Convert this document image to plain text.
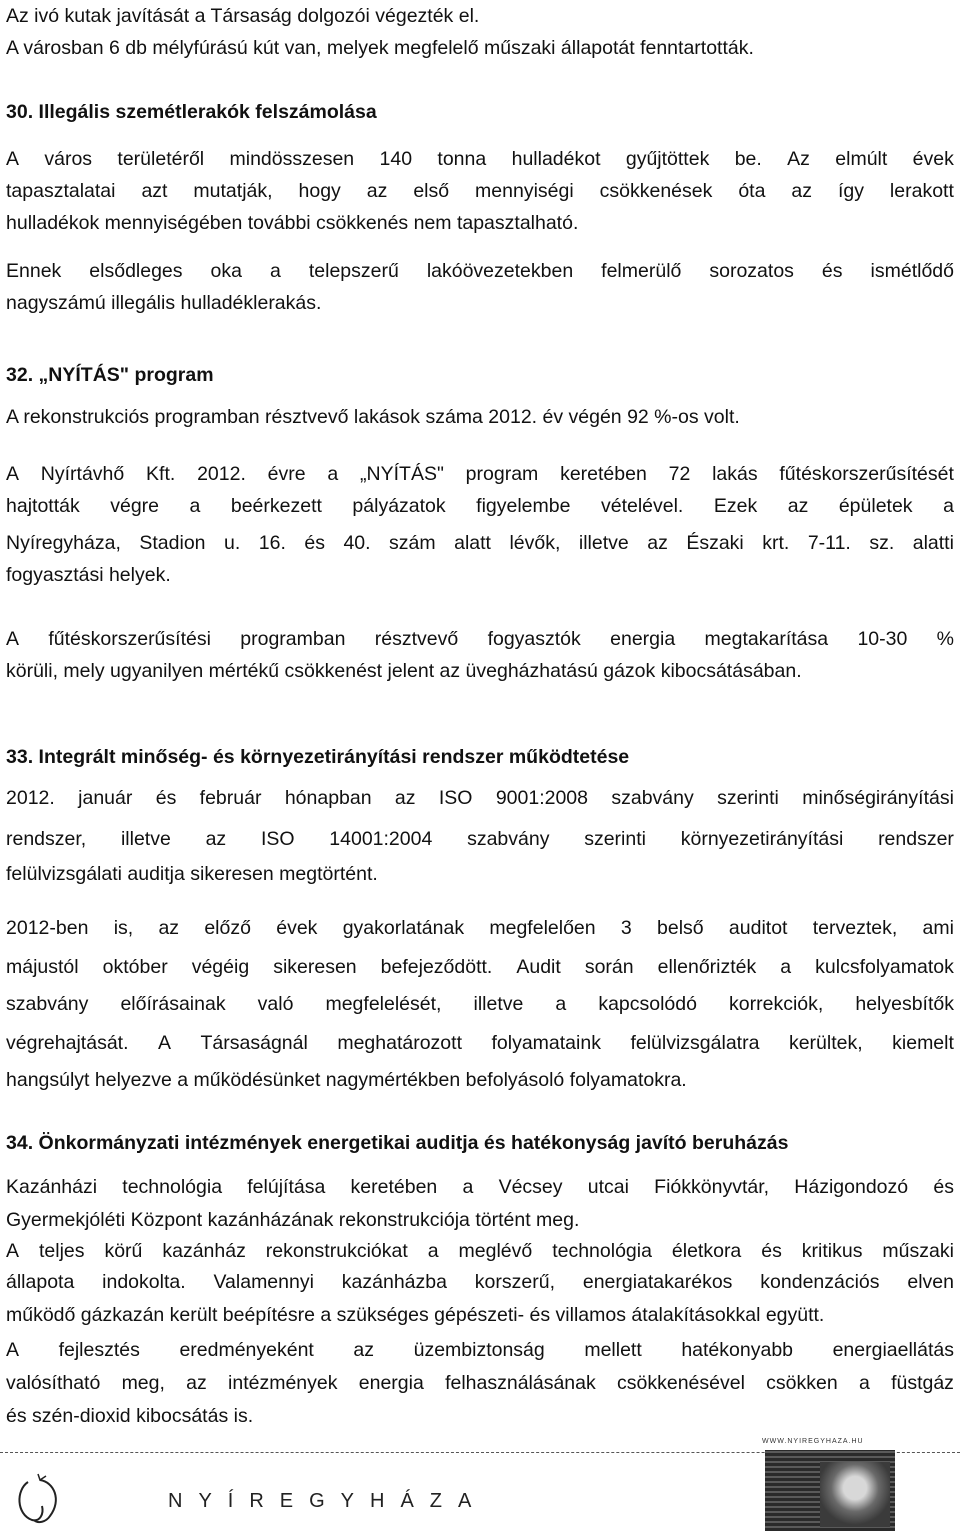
Az ivó kutak javítását a Társaság dolgozói végezték el.
A városban 6 db mélyfúrású kút van, melyek megfelelő műszaki állapotát fenntartották.
30. Illegális szemétlerakók felszámolása
A város területéről mindösszesen 140 tonna hulladékot gyűjtöttek be. Az elmúlt évek
tapasztalatai azt mutatják, hogy az első mennyiségi csökkenések óta az így lerakott
hulladékok mennyiségében további csökkenés nem tapasztalható.
Ennek elsődleges oka a telepszerű lakóövezetekben felmerülő sorozatos és ismétlődő
nagyszámú illegális hulladéklerakás.
32. „NYÍTÁS" program
A rekonstrukciós programban résztvevő lakások száma 2012. év végén 92 %-os volt.
A Nyírtávhő Kft. 2012. évre a „NYÍTÁS" program keretében 72 lakás fűtéskorszerűsítését
hajtották végre a beérkezett pályázatok figyelembe vételével. Ezek az épületek a
Nyíregyháza, Stadion u. 16. és 40. szám alatt lévők, illetve az Északi krt. 7-11. sz. alatti
fogyasztási helyek.
A fűtéskorszerűsítési programban résztvevő fogyasztók energia megtakarítása 10-30 %
körüli, mely ugyanilyen mértékű csökkenést jelent az üvegházhatású gázok kibocsátásában.
33. Integrált minőség- és környezetirányítási rendszer működtetése
2012. január és február hónapban az ISO 9001:2008 szabvány szerinti minőségirányítási
rendszer, illetve az ISO 14001:2004 szabvány szerinti környezetirányítási rendszer
felülvizsgálati auditja sikeresen megtörtént.
2012-ben is, az előző évek gyakorlatának megfelelően 3 belső auditot terveztek, ami
májustól október végéig sikeresen befejeződött. Audit során ellenőrizték a kulcsfolyamatok
szabvány előírásainak való megfelelését, illetve a kapcsolódó korrekciók, helyesbítők
végrehajtását. A Társaságnál meghatározott folyamataink felülvizsgálatra kerültek, kiemelt
hangsúlyt helyezve a működésünket nagymértékben befolyásoló folyamatokra.
34. Önkormányzati intézmények energetikai auditja és hatékonyság javító beruházás
Kazánházi technológia felújítása keretében a Vécsey utcai Fiókkönyvtár, Házigondozó és
Gyermekjóléti Központ kazánházának rekonstrukciója történt meg.
A teljes körű kazánház rekonstrukciókat a meglévő technológia életkora és kritikus műszaki
állapota indokolta. Valamennyi kazánházba korszerű, energiatakarékos kondenzációs elven
működő gázkazán került beépítésre a szükséges gépészeti- és villamos átalakításokkal együtt.
A fejlesztés eredményeként az üzembiztonság mellett hatékonyabb energiaellátás
valósítható meg, az intézmények energia felhasználásának csökkenésével csökken a füstgáz
és szén-dioxid kibocsátás is.
WWW.NYIREGYHAZA.HU
NYÍREGYHÁZA
